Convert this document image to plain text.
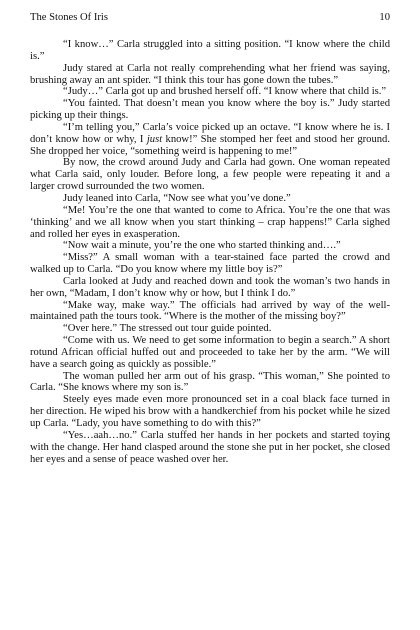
The Stones Of Iris	10

“I know…” Carla struggled into a sitting position. “I know where the child is.”

Judy stared at Carla not really comprehending what her friend was saying, brushing away an ant spider. “I think this tour has gone down the tubes.”

“Judy…” Carla got up and brushed herself off. “I know where that child is.”

“You fainted. That doesn’t mean you know where the boy is.” Judy started picking up their things.

“I’m telling you,” Carla’s voice picked up an octave. “I know where he is. I don’t know how or why, I just know!” She stomped her feet and stood her ground. She dropped her voice, “something weird is happening to me!”

By now, the crowd around Judy and Carla had gown. One woman repeated what Carla said, only louder. Before long, a few people were repeating it and a larger crowd surrounded the two women.

Judy leaned into Carla, “Now see what you’ve done.”

“Me! You’re the one that wanted to come to Africa. You’re the one that was ‘thinking’ and we all know when you start thinking – crap happens!” Carla sighed and rolled her eyes in exasperation.

“Now wait a minute, you’re the one who started thinking and….”

“Miss?” A small woman with a tear-stained face parted the crowd and walked up to Carla. “Do you know where my little boy is?”

Carla looked at Judy and reached down and took the woman’s two hands in her own, “Madam, I don’t know why or how, but I think I do.”

“Make way, make way.” The officials had arrived by way of the well-maintained path the tours took. “Where is the mother of the missing boy?”

“Over here.” The stressed out tour guide pointed.

“Come with us. We need to get some information to begin a search.” A short rotund African official huffed out and proceeded to take her by the arm. “We will have a search going as quickly as possible.”

The woman pulled her arm out of his grasp. “This woman,” She pointed to Carla. “She knows where my son is.”

Steely eyes made even more pronounced set in a coal black face turned in her direction. He wiped his brow with a handkerchief from his pocket while he sized up Carla. “Lady, you have something to do with this?”

“Yes…aah…no.” Carla stuffed her hands in her pockets and started toying with the change. Her hand clasped around the stone she put in her pocket, she closed her eyes and a sense of peace washed over her.
